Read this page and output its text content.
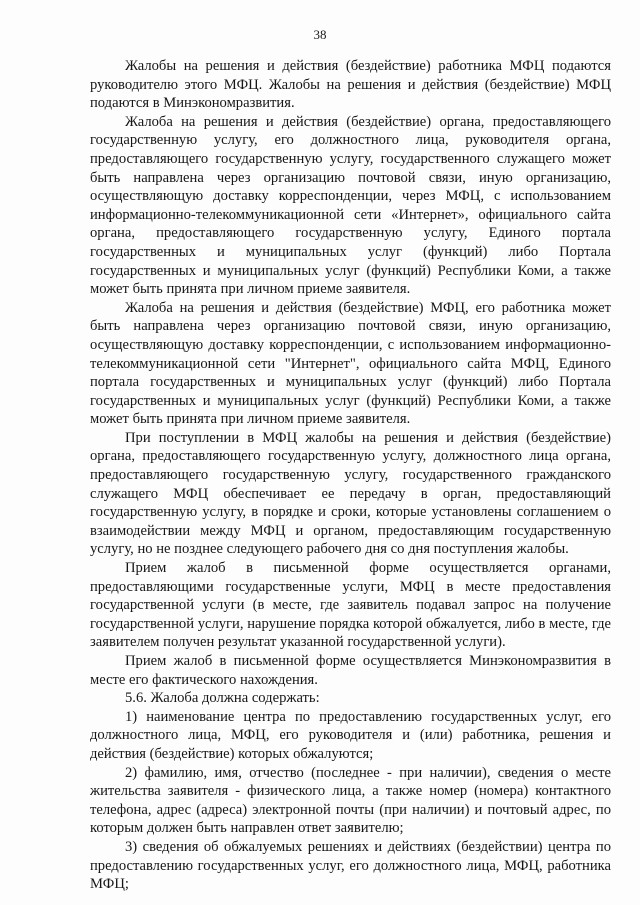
38

Жалобы на решения и действия (бездействие) работника МФЦ подаются руководителю этого МФЦ. Жалобы на решения и действия (бездействие) МФЦ подаются в Минэкономразвития.

Жалоба на решения и действия (бездействие) органа, предоставляющего государственную услугу, его должностного лица, руководителя органа, предоставляющего государственную услугу, государственного служащего может быть направлена через организацию почтовой связи, иную организацию, осуществляющую доставку корреспонденции, через МФЦ, с использованием информационно-телекоммуникационной сети «Интернет», официального сайта органа, предоставляющего государственную услугу, Единого портала государственных и муниципальных услуг (функций) либо Портала государственных и муниципальных услуг (функций) Республики Коми, а также может быть принята при личном приеме заявителя.

Жалоба на решения и действия (бездействие) МФЦ, его работника может быть направлена через организацию почтовой связи, иную организацию, осуществляющую доставку корреспонденции, с использованием информационно-телекоммуникационной сети "Интернет", официального сайта МФЦ, Единого портала государственных и муниципальных услуг (функций) либо Портала государственных и муниципальных услуг (функций) Республики Коми, а также может быть принята при личном приеме заявителя.

При поступлении в МФЦ жалобы на решения и действия (бездействие) органа, предоставляющего государственную услугу, должностного лица органа, предоставляющего государственную услугу, государственного гражданского служащего МФЦ обеспечивает ее передачу в орган, предоставляющий государственную услугу, в порядке и сроки, которые установлены соглашением о взаимодействии между МФЦ и органом, предоставляющим государственную услугу, но не позднее следующего рабочего дня со дня поступления жалобы.

Прием жалоб в письменной форме осуществляется органами, предоставляющими государственные услуги, МФЦ в месте предоставления государственной услуги (в месте, где заявитель подавал запрос на получение государственной услуги, нарушение порядка которой обжалуется, либо в месте, где заявителем получен результат указанной государственной услуги).

Прием жалоб в письменной форме осуществляется Минэкономразвития в месте его фактического нахождения.

5.6. Жалоба должна содержать:

1) наименование центра по предоставлению государственных услуг, его должностного лица, МФЦ, его руководителя и (или) работника, решения и действия (бездействие) которых обжалуются;

2) фамилию, имя, отчество (последнее - при наличии), сведения о месте жительства заявителя - физического лица, а также номер (номера) контактного телефона, адрес (адреса) электронной почты (при наличии) и почтовый адрес, по которым должен быть направлен ответ заявителю;

3) сведения об обжалуемых решениях и действиях (бездействии) центра по предоставлению государственных услуг, его должностного лица, МФЦ, работника МФЦ;
